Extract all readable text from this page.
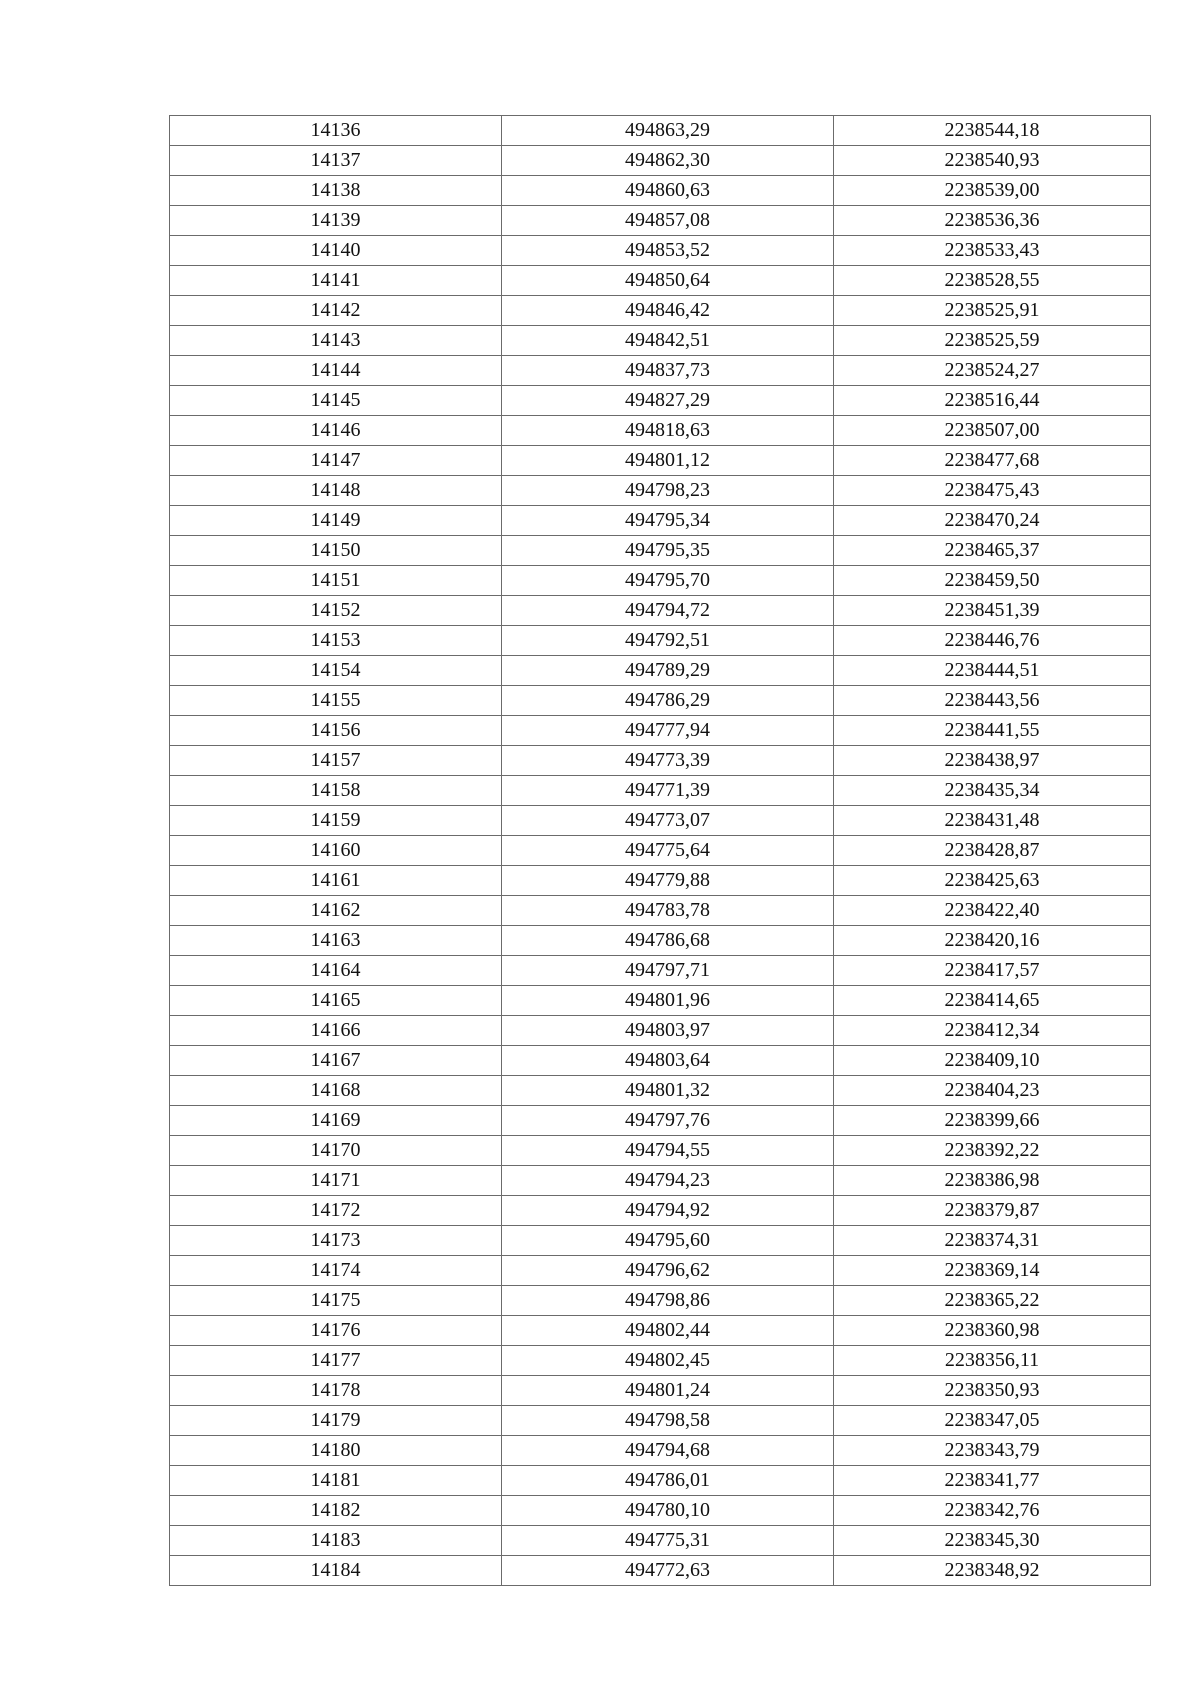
14136	494863,29	2238544,18
14137	494862,30	2238540,93
14138	494860,63	2238539,00
14139	494857,08	2238536,36
14140	494853,52	2238533,43
14141	494850,64	2238528,55
14142	494846,42	2238525,91
14143	494842,51	2238525,59
14144	494837,73	2238524,27
14145	494827,29	2238516,44
14146	494818,63	2238507,00
14147	494801,12	2238477,68
14148	494798,23	2238475,43
14149	494795,34	2238470,24
14150	494795,35	2238465,37
14151	494795,70	2238459,50
14152	494794,72	2238451,39
14153	494792,51	2238446,76
14154	494789,29	2238444,51
14155	494786,29	2238443,56
14156	494777,94	2238441,55
14157	494773,39	2238438,97
14158	494771,39	2238435,34
14159	494773,07	2238431,48
14160	494775,64	2238428,87
14161	494779,88	2238425,63
14162	494783,78	2238422,40
14163	494786,68	2238420,16
14164	494797,71	2238417,57
14165	494801,96	2238414,65
14166	494803,97	2238412,34
14167	494803,64	2238409,10
14168	494801,32	2238404,23
14169	494797,76	2238399,66
14170	494794,55	2238392,22
14171	494794,23	2238386,98
14172	494794,92	2238379,87
14173	494795,60	2238374,31
14174	494796,62	2238369,14
14175	494798,86	2238365,22
14176	494802,44	2238360,98
14177	494802,45	2238356,11
14178	494801,24	2238350,93
14179	494798,58	2238347,05
14180	494794,68	2238343,79
14181	494786,01	2238341,77
14182	494780,10	2238342,76
14183	494775,31	2238345,30
14184	494772,63	2238348,92
